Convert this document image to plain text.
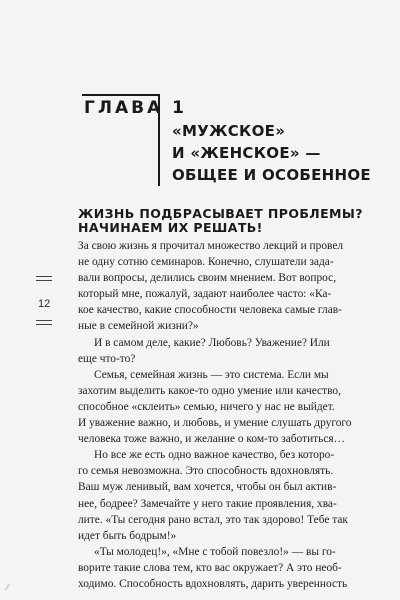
ГЛАВА 1
«МУЖСКОЕ»
И «ЖЕНСКОЕ» —
ОБЩЕЕ И ОСОБЕННОЕ
ЖИЗНЬ ПОДБРАСЫВАЕТ ПРОБЛЕМЫ?
НАЧИНАЕМ ИХ РЕШАТЬ!
12

За свою жизнь я прочитал множество лекций и провел
не одну сотню семинаров. Конечно, слушатели зада-
вали вопросы, делились своим мнением. Вот вопрос,
который мне, пожалуй, задают наиболее часто: «Ка-
кое качество, какие способности человека самые глав-
ные в семейной жизни?»

И в самом деле, какие? Любовь? Уважение? Или
еще что-то?

Семья, семейная жизнь — это система. Если мы
захотим выделить какое-то одно умение или качество,
способное «склеить» семью, ничего у нас не выйдет.
И уважение важно, и любовь, и умение слушать другого
человека тоже важно, и желание о ком-то заботиться…

Но все же есть одно важное качество, без которо-
го семья невозможна. Это способность вдохновлять.
Ваш муж ленивый, вам хочется, чтобы он был актив-
нее, бодрее? Замечайте у него такие проявления, хва-
лите. «Ты сегодня рано встал, это так здорово! Тебе так
идет быть бодрым!»

«Ты молодец!», «Мне с тобой повезло!» — вы го-
ворите такие слова тем, кто вас окружает? А это необ-
ходимо. Способность вдохновлять, дарить уверенность

⁄⁄
